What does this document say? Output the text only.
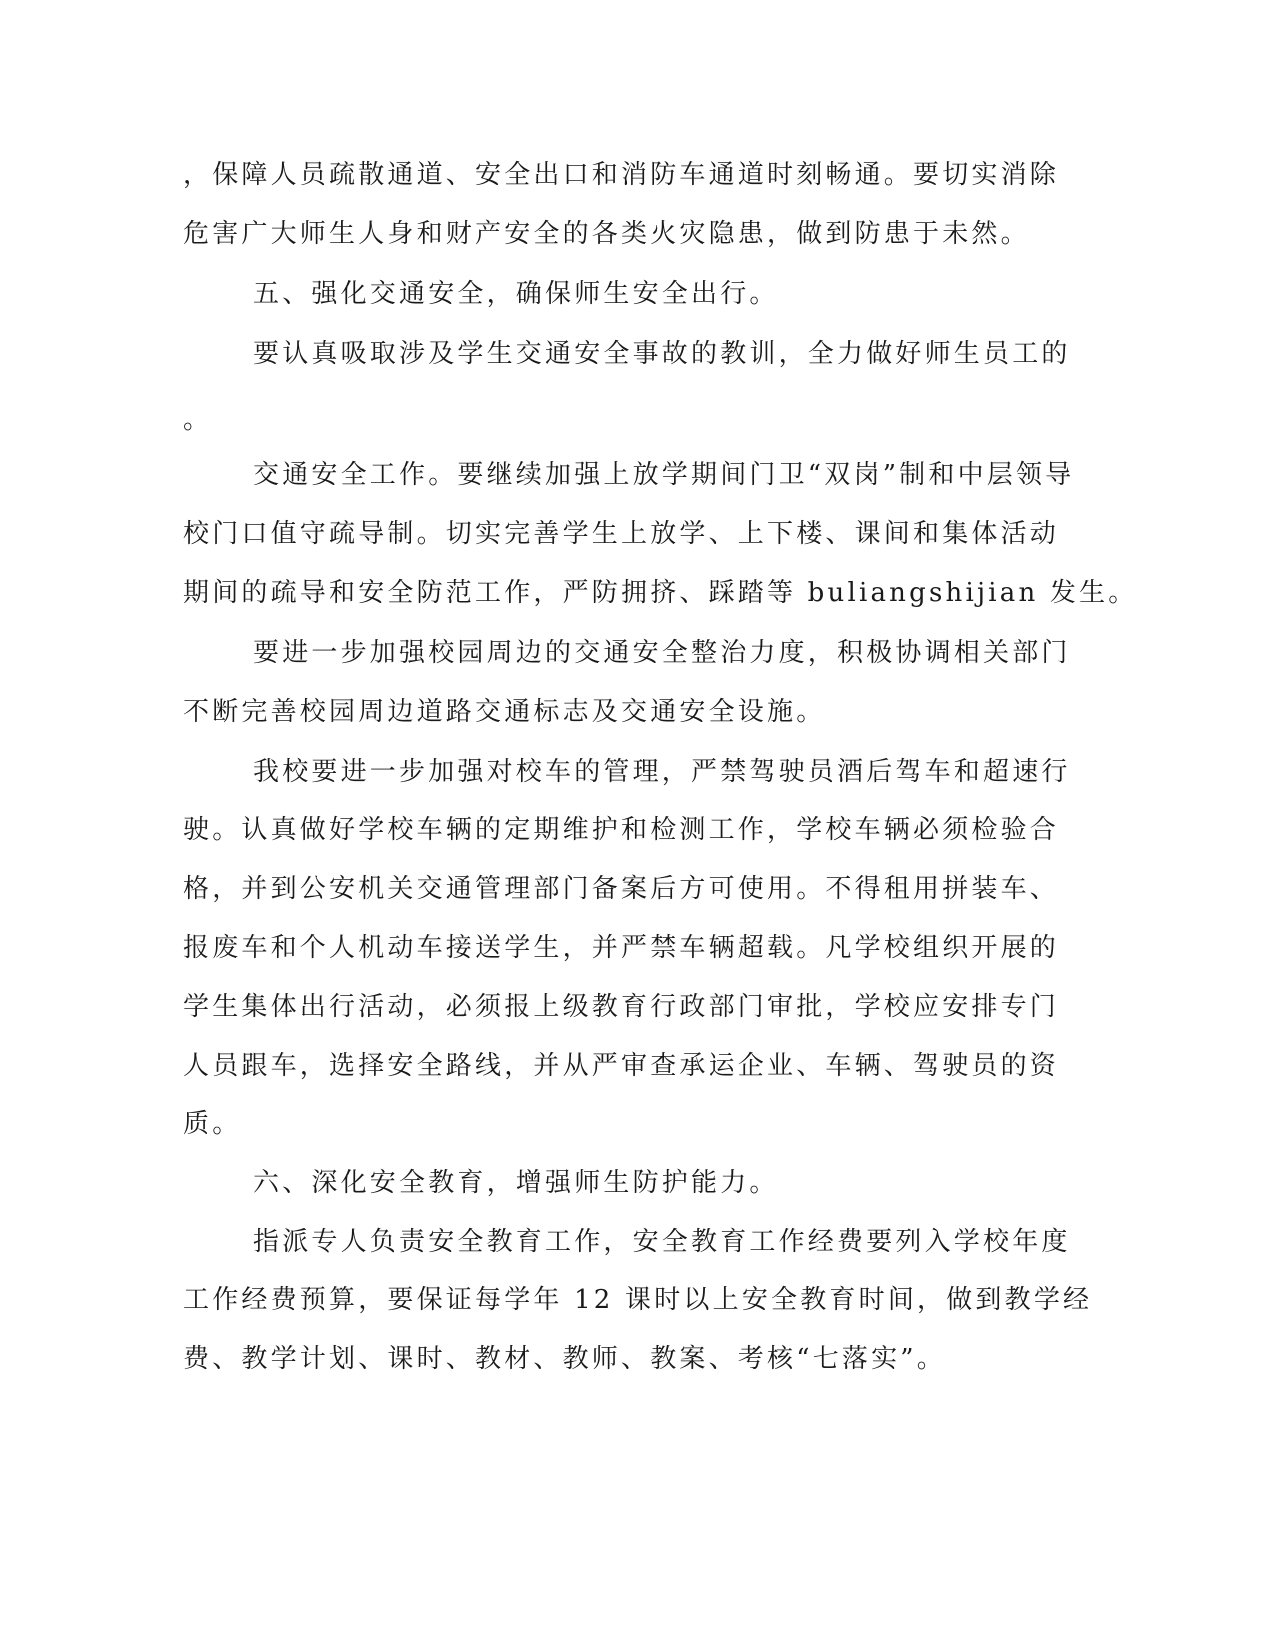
，保障人员疏散通道、安全出口和消防车通道时刻畅通。要切实消除
危害广大师生人身和财产安全的各类火灾隐患，做到防患于未然。
五、强化交通安全，确保师生安全出行。
要认真吸取涉及学生交通安全事故的教训，全力做好师生员工的
。
交通安全工作。要继续加强上放学期间门卫“双岗”制和中层领导
校门口值守疏导制。切实完善学生上放学、上下楼、课间和集体活动
期间的疏导和安全防范工作，严防拥挤、踩踏等 buliangshijian 发生。
要进一步加强校园周边的交通安全整治力度，积极协调相关部门
不断完善校园周边道路交通标志及交通安全设施。
我校要进一步加强对校车的管理，严禁驾驶员酒后驾车和超速行
驶。认真做好学校车辆的定期维护和检测工作，学校车辆必须检验合
格，并到公安机关交通管理部门备案后方可使用。不得租用拼装车、
报废车和个人机动车接送学生，并严禁车辆超载。凡学校组织开展的
学生集体出行活动，必须报上级教育行政部门审批，学校应安排专门
人员跟车，选择安全路线，并从严审查承运企业、车辆、驾驶员的资
质。
六、深化安全教育，增强师生防护能力。
指派专人负责安全教育工作，安全教育工作经费要列入学校年度
工作经费预算，要保证每学年 12 课时以上安全教育时间，做到教学经
费、教学计划、课时、教材、教师、教案、考核“七落实”。
